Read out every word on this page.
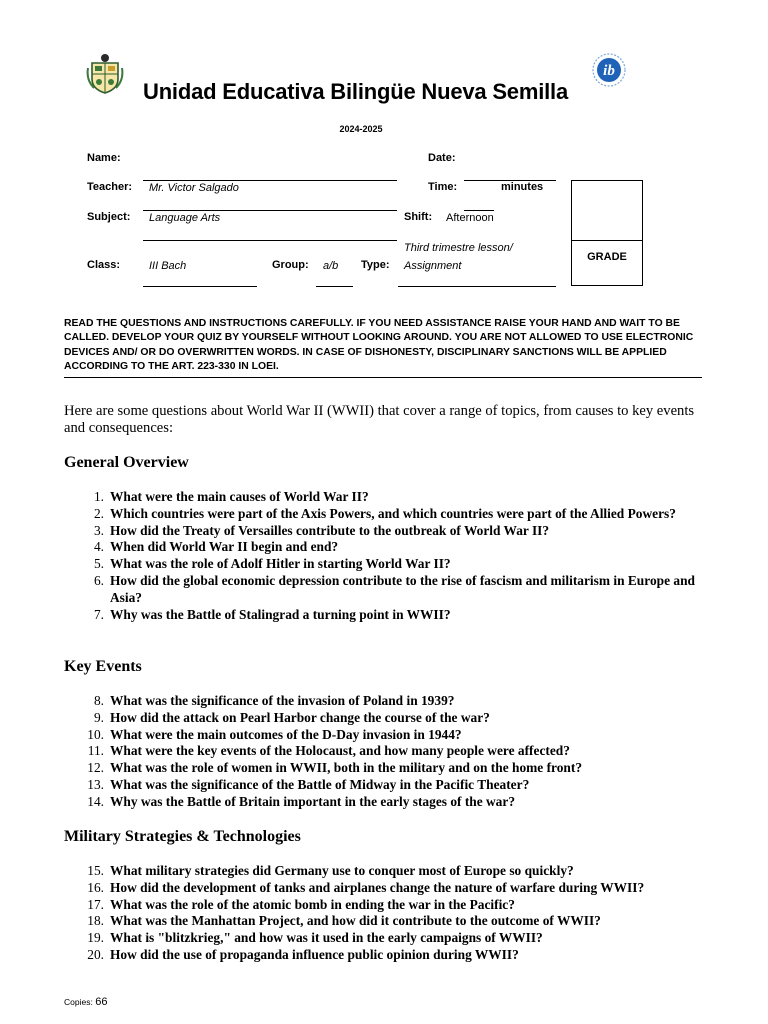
Unidad Educativa Bilingüe Nueva Semilla
ib
2024-2025
Name:	Date:
Teacher: Mr. Victor Salgado	Time:	minutes
Subject: Language Arts	Shift: Afternoon
Class:	III Bach	Group: a/b Type:
Third trimestre lesson/
Assignment
GRADE
READ THE QUESTIONS AND INSTRUCTIONS CAREFULLY. IF YOU NEED ASSISTANCE RAISE YOUR HAND AND WAIT TO BE CALLED. DEVELOP YOUR QUIZ BY YOURSELF WITHOUT LOOKING AROUND. YOU ARE NOT ALLOWED TO USE ELECTRONIC DEVICES AND/ OR DO OVERWRITTEN WORDS. IN CASE OF DISHONESTY, DISCIPLINARY SANCTIONS WILL BE APPLIED ACCORDING TO THE ART. 223-330 IN LOEI.
Here are some questions about World War II (WWII) that cover a range of topics, from causes to key events and consequences:
General Overview
1. What were the main causes of World War II?
2. Which countries were part of the Axis Powers, and which countries were part of the Allied Powers?
3. How did the Treaty of Versailles contribute to the outbreak of World War II?
4. When did World War II begin and end?
5. What was the role of Adolf Hitler in starting World War II?
6. How did the global economic depression contribute to the rise of fascism and militarism in Europe and Asia?
7. Why was the Battle of Stalingrad a turning point in WWII?
Key Events
8. What was the significance of the invasion of Poland in 1939?
9. How did the attack on Pearl Harbor change the course of the war?
10. What were the main outcomes of the D-Day invasion in 1944?
11. What were the key events of the Holocaust, and how many people were affected?
12. What was the role of women in WWII, both in the military and on the home front?
13. What was the significance of the Battle of Midway in the Pacific Theater?
14. Why was the Battle of Britain important in the early stages of the war?
Military Strategies & Technologies
15. What military strategies did Germany use to conquer most of Europe so quickly?
16. How did the development of tanks and airplanes change the nature of warfare during WWII?
17. What was the role of the atomic bomb in ending the war in the Pacific?
18. What was the Manhattan Project, and how did it contribute to the outcome of WWII?
19. What is "blitzkrieg," and how was it used in the early campaigns of WWII?
20. How did the use of propaganda influence public opinion during WWII?
Copies: 66
